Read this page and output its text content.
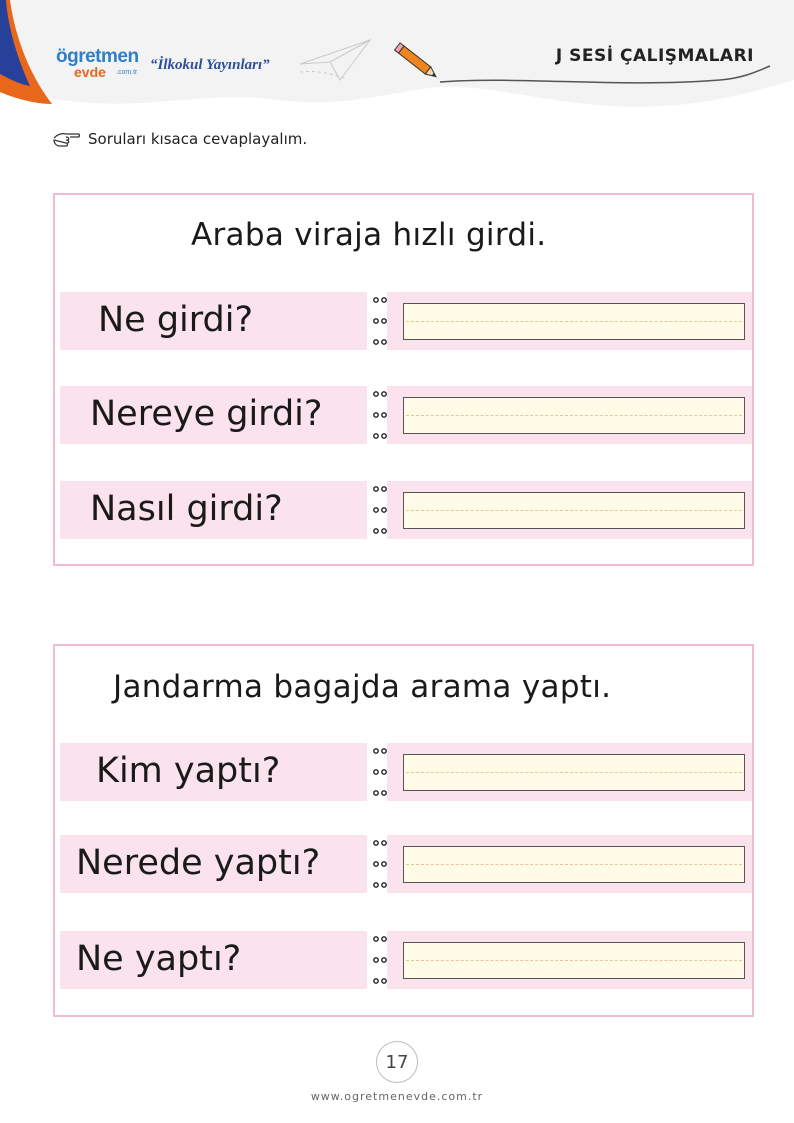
ögretmen
evde .com.tr “İlkokul Yayınları”	J SESİ ÇALIŞMALARI
Soruları kısaca cevaplayalım.
Araba viraja hızlı girdi.
Ne girdi?
Nereye girdi?
Nasıl girdi?
Jandarma bagajda arama yaptı.
Kim yaptı?
Nerede yaptı?
Ne yaptı?
17
www.ogretmenevde.com.tr
